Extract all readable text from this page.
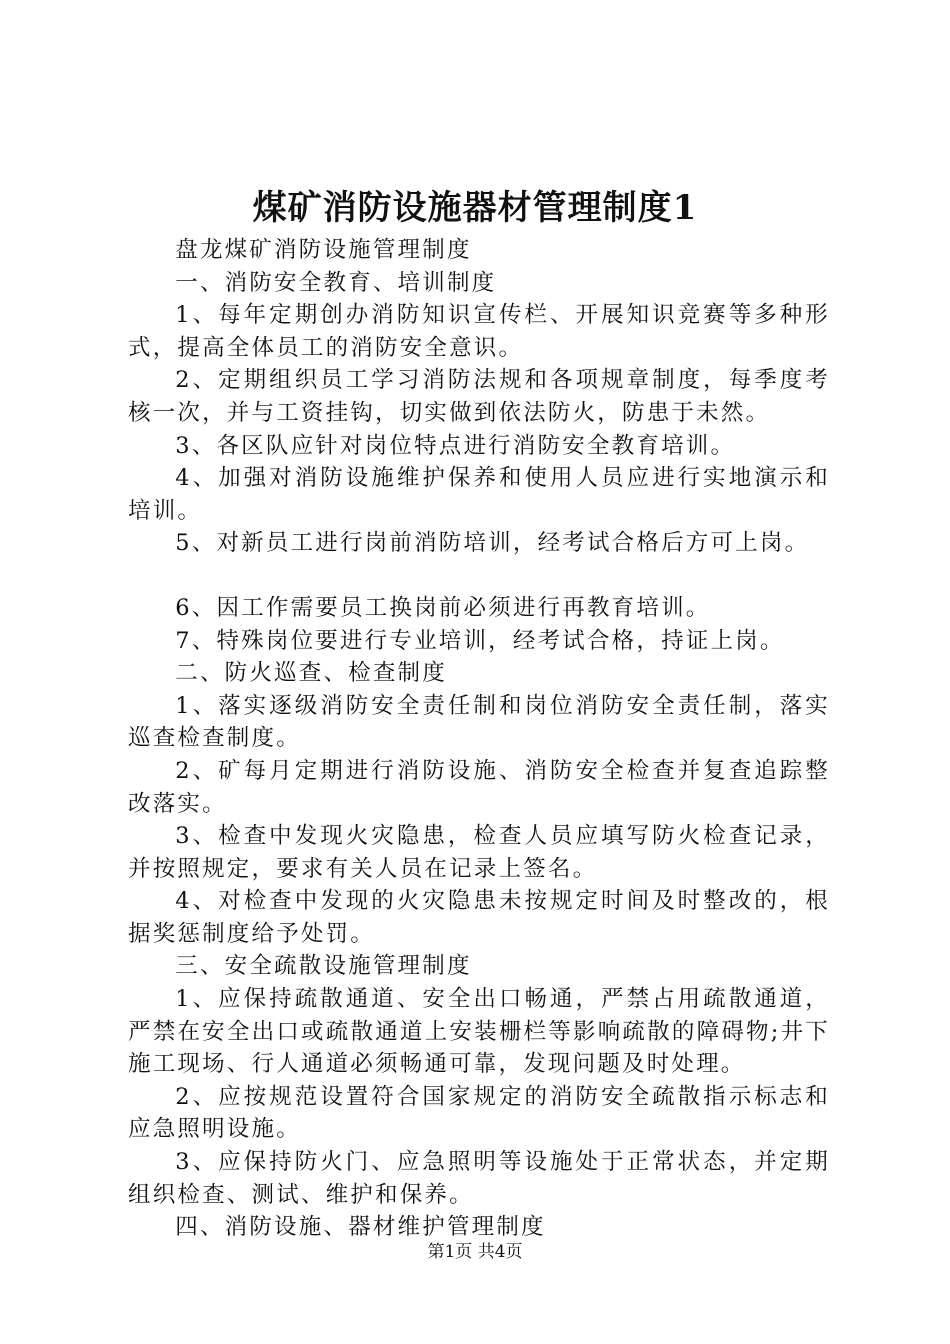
煤矿消防设施器材管理制度1

盘龙煤矿消防设施管理制度

一、消防安全教育、培训制度

1、每年定期创办消防知识宣传栏、开展知识竞赛等多种形式，提高全体员工的消防安全意识。

2、定期组织员工学习消防法规和各项规章制度，每季度考核一次，并与工资挂钩，切实做到依法防火，防患于未然。

3、各区队应针对岗位特点进行消防安全教育培训。

4、加强对消防设施维护保养和使用人员应进行实地演示和培训。

5、对新员工进行岗前消防培训，经考试合格后方可上岗。

6、因工作需要员工换岗前必须进行再教育培训。

7、特殊岗位要进行专业培训，经考试合格，持证上岗。

二、防火巡查、检查制度

1、落实逐级消防安全责任制和岗位消防安全责任制，落实巡查检查制度。

2、矿每月定期进行消防设施、消防安全检查并复查追踪整改落实。

3、检查中发现火灾隐患，检查人员应填写防火检查记录，并按照规定，要求有关人员在记录上签名。

4、对检查中发现的火灾隐患未按规定时间及时整改的，根据奖惩制度给予处罚。

三、安全疏散设施管理制度

1、应保持疏散通道、安全出口畅通，严禁占用疏散通道，严禁在安全出口或疏散通道上安装栅栏等影响疏散的障碍物;井下施工现场、行人通道必须畅通可靠，发现问题及时处理。

2、应按规范设置符合国家规定的消防安全疏散指示标志和应急照明设施。

3、应保持防火门、应急照明等设施处于正常状态，并定期组织检查、测试、维护和保养。

四、消防设施、器材维护管理制度

第1页 共4页
